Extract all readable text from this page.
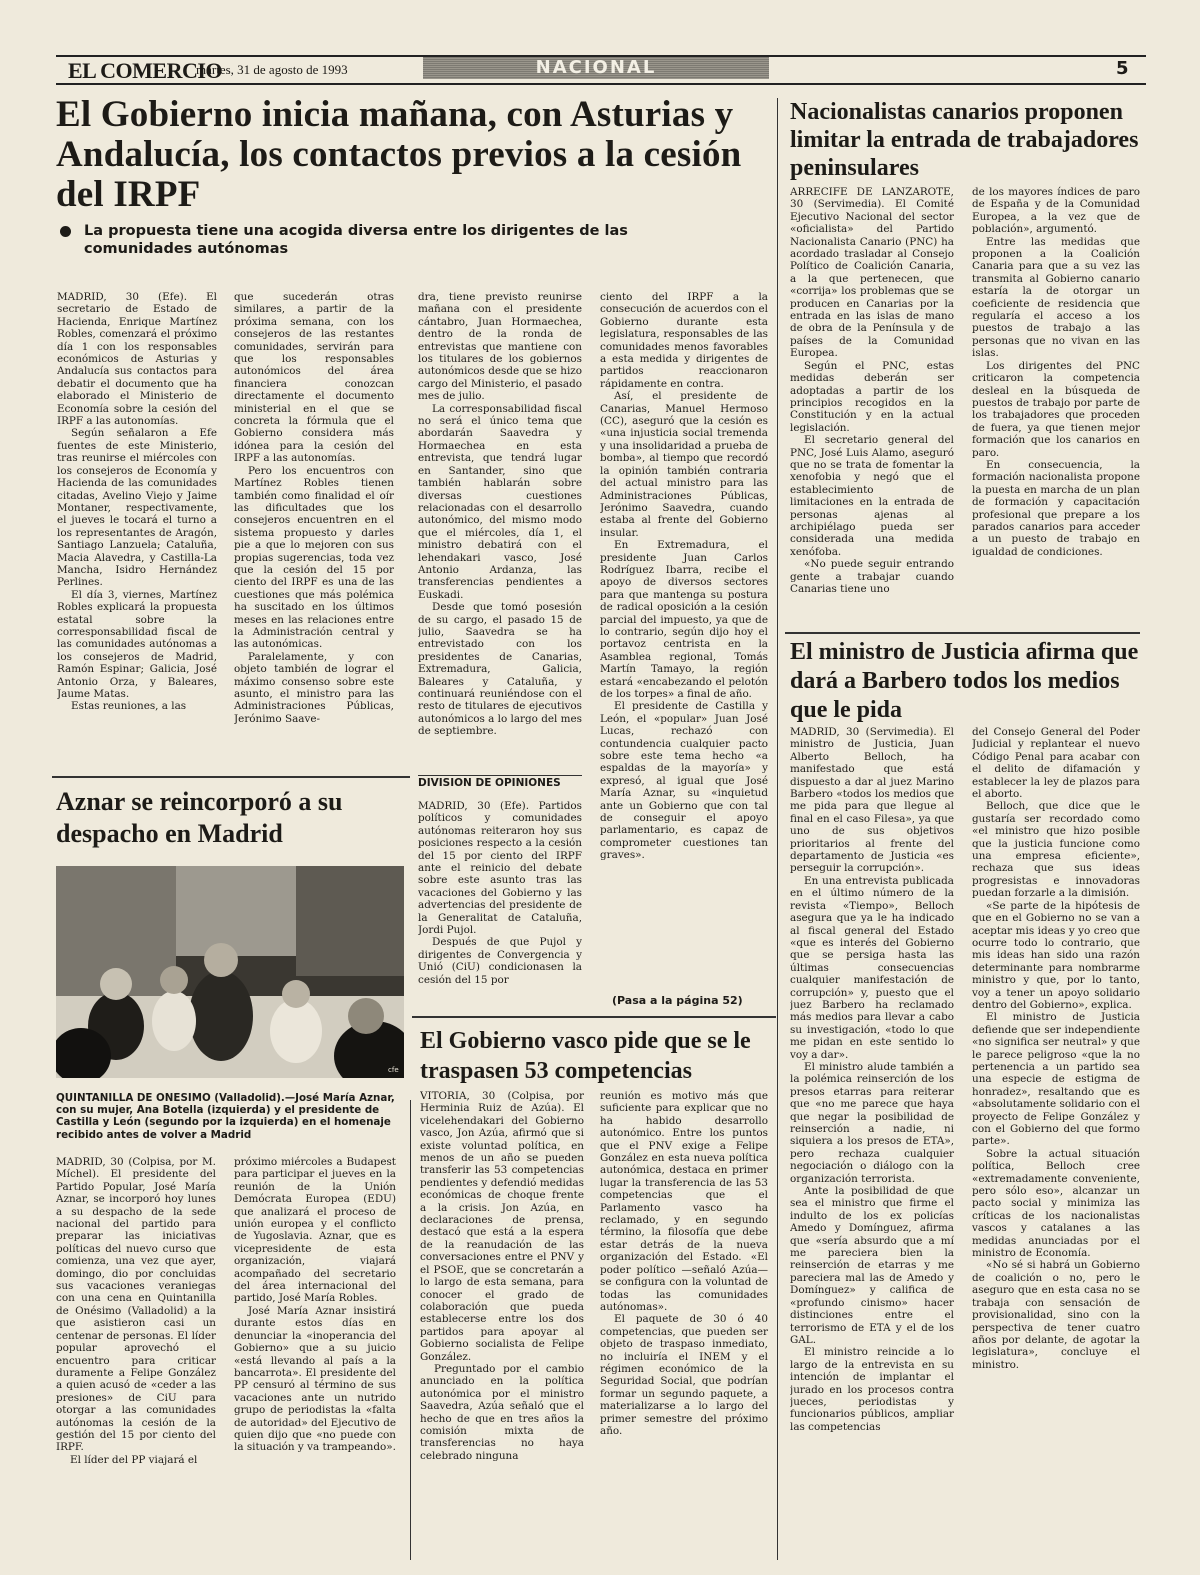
EL COMERCIO
martes, 31 de agosto de 1993	NACIONAL	5
El Gobierno inicia mañana, con Asturias y Andalucía, los contactos previos a la cesión del IRPF
La propuesta tiene una acogida diversa entre los dirigentes de las comunidades autónomas

MADRID, 30 (Efe). El secretario de Estado de Hacienda, Enrique Martínez Robles, comenzará el próximo día 1 con los responsables económicos de Asturias y Andalucía sus contactos para debatir el documento que ha elaborado el Ministerio de Economía sobre la cesión del IRPF a las autonomías.

Según señalaron a Efe fuentes de este Ministerio, tras reunirse el miércoles con los consejeros de Economía y Hacienda de las comunidades citadas, Avelino Viejo y Jaime Montaner, respectivamente, el jueves le tocará el turno a los representantes de Aragón, Santiago Lanzuela; Cataluña, Macia Alavedra, y Castilla-La Mancha, Isidro Hernández Perlines.

El día 3, viernes, Martínez Robles explicará la propuesta estatal sobre la corresponsabilidad fiscal de las comunidades autónomas a los consejeros de Madrid, Ramón Espinar; Galicia, José Antonio Orza, y Baleares, Jaume Matas.

Estas reuniones, a las

que sucederán otras similares, a partir de la próxima semana, con los consejeros de las restantes comunidades, servirán para que los responsables autonómicos del área financiera conozcan directamente el documento ministerial en el que se concreta la fórmula que el Gobierno considera más idónea para la cesión del IRPF a las autonomías.

Pero los encuentros con Martínez Robles tienen también como finalidad el oír las dificultades que los consejeros encuentren en el sistema propuesto y darles pie a que lo mejoren con sus propias sugerencias, toda vez que la cesión del 15 por ciento del IRPF es una de las cuestiones que más polémica ha suscitado en los últimos meses en las relaciones entre la Administración central y las autonómicas.

Paralelamente, y con objeto también de lograr el máximo consenso sobre este asunto, el ministro para las Administraciones Públicas, Jerónimo Saave-

dra, tiene previsto reunirse mañana con el presidente cántabro, Juan Hormaechea, dentro de la ronda de entrevistas que mantiene con los titulares de los gobiernos autonómicos desde que se hizo cargo del Ministerio, el pasado mes de julio.

La corresponsabilidad fiscal no será el único tema que abordarán Saavedra y Hormaechea en esta entrevista, que tendrá lugar en Santander, sino que también hablarán sobre diversas cuestiones relacionadas con el desarrollo autonómico, del mismo modo que el miércoles, día 1, el ministro debatirá con el lehendakari vasco, José Antonio Ardanza, las transferencias pendientes a Euskadi.

Desde que tomó posesión de su cargo, el pasado 15 de julio, Saavedra se ha entrevistado con los presidentes de Canarias, Extremadura, Galicia, Baleares y Cataluña, y continuará reuniéndose con el resto de titulares de ejecutivos autonómicos a lo largo del mes de septiembre.

DIVISION DE OPINIONES

MADRID, 30 (Efe). Partidos políticos y comunidades autónomas reiteraron hoy sus posiciones respecto a la cesión del 15 por ciento del IRPF ante el reinicio del debate sobre este asunto tras las vacaciones del Gobierno y las advertencias del presidente de la Generalitat de Cataluña, Jordi Pujol.

Después de que Pujol y dirigentes de Convergencia y Unió (CiU) condicionasen la cesión del 15 por

ciento del IRPF a la consecución de acuerdos con el Gobierno durante esta legislatura, responsables de las comunidades menos favorables a esta medida y dirigentes de partidos reaccionaron rápidamente en contra.

Así, el presidente de Canarias, Manuel Hermoso (CC), aseguró que la cesión es «una injusticia social tremenda y una insolidaridad a prueba de bomba», al tiempo que recordó la opinión también contraria del actual ministro para las Administraciones Públicas, Jerónimo Saavedra, cuando estaba al frente del Gobierno insular.

En Extremadura, el presidente Juan Carlos Rodríguez Ibarra, recibe el apoyo de diversos sectores para que mantenga su postura de radical oposición a la cesión parcial del impuesto, ya que de lo contrario, según dijo hoy el portavoz centrista en la Asamblea regional, Tomás Martín Tamayo, la región estará «encabezando el pelotón de los torpes» a final de año.

El presidente de Castilla y León, el «popular» Juan José Lucas, rechazó con contundencia cualquier pacto sobre este tema hecho «a espaldas de la mayoría» y expresó, al igual que José María Aznar, su «inquietud ante un Gobierno que con tal de conseguir el apoyo parlamentario, es capaz de comprometer cuestiones tan graves».

(Pasa a la página 52)
Nacionalistas canarios proponen limitar la entrada de trabajadores peninsulares

ARRECIFE DE LANZAROTE, 30 (Servimedia). El Comité Ejecutivo Nacional del sector «oficialista» del Partido Nacionalista Canario (PNC) ha acordado trasladar al Consejo Político de Coalición Canaria, a la que pertenecen, que «corrija» los problemas que se producen en Canarias por la entrada en las islas de mano de obra de la Península y de países de la Comunidad Europea.

Según el PNC, estas medidas deberán ser adoptadas a partir de los principios recogidos en la Constitución y en la actual legislación.

El secretario general del PNC, José Luis Alamo, aseguró que no se trata de fomentar la xenofobia y negó que el establecimiento de limitaciones en la entrada de personas ajenas al archipiélago pueda ser considerada una medida xenófoba.

«No puede seguir entrando gente a trabajar cuando Canarias tiene uno

de los mayores índices de paro de España y de la Comunidad Europea, a la vez que de población», argumentó.

Entre las medidas que proponen a la Coalición Canaria para que a su vez las transmita al Gobierno canario estaría la de otorgar un coeficiente de residencia que regularía el acceso a los puestos de trabajo a las personas que no vivan en las islas.

Los dirigentes del PNC criticaron la competencia desleal en la búsqueda de puestos de trabajo por parte de los trabajadores que proceden de fuera, ya que tienen mejor formación que los canarios en paro.

En consecuencia, la formación nacionalista propone la puesta en marcha de un plan de formación y capacitación profesional que prepare a los parados canarios para acceder a un puesto de trabajo en igualdad de condiciones.

El ministro de Justicia afirma que dará a Barbero todos los medios que le pida

MADRID, 30 (Servimedia). El ministro de Justicia, Juan Alberto Belloch, ha manifestado que está dispuesto a dar al juez Marino Barbero «todos los medios que me pida para que llegue al final en el caso Filesa», ya que uno de sus objetivos prioritarios al frente del departamento de Justicia «es perseguir la corrupción».

En una entrevista publicada en el último número de la revista «Tiempo», Belloch asegura que ya le ha indicado al fiscal general del Estado «que es interés del Gobierno que se persiga hasta las últimas consecuencias cualquier manifestación de corrupción» y, puesto que el juez Barbero ha reclamado más medios para llevar a cabo su investigación, «todo lo que me pidan en este sentido lo voy a dar».

El ministro alude también a la polémica reinserción de los presos etarras para reiterar que «no me parece que haya que negar la posibilidad de reinserción a nadie, ni siquiera a los presos de ETA», pero rechaza cualquier negociación o diálogo con la organización terrorista.

Ante la posibilidad de que sea el ministro que firme el indulto de los ex policías Amedo y Domínguez, afirma que «sería absurdo que a mí me pareciera bien la reinserción de etarras y me pareciera mal las de Amedo y Domínguez» y califica de «profundo cinismo» hacer distinciones entre el terrorismo de ETA y el de los GAL.

El ministro reincide a lo largo de la entrevista en su intención de implantar el jurado en los procesos contra jueces, periodistas y funcionarios públicos, ampliar las competencias

del Consejo General del Poder Judicial y replantear el nuevo Código Penal para acabar con el delito de difamación y establecer la ley de plazos para el aborto.

Belloch, que dice que le gustaría ser recordado como «el ministro que hizo posible que la justicia funcione como una empresa eficiente», rechaza que sus ideas progresistas e innovadoras puedan forzarle a la dimisión.

«Se parte de la hipótesis de que en el Gobierno no se van a aceptar mis ideas y yo creo que ocurre todo lo contrario, que mis ideas han sido una razón determinante para nombrarme ministro y que, por lo tanto, voy a tener un apoyo solidario dentro del Gobierno», explica.

El ministro de Justicia defiende que ser independiente «no significa ser neutral» y que le parece peligroso «que la no pertenencia a un partido sea una especie de estigma de honradez», resaltando que es «absolutamente solidario con el proyecto de Felipe González y con el Gobierno del que formo parte».

Sobre la actual situación política, Belloch cree «extremadamente conveniente, pero sólo eso», alcanzar un pacto social y minimiza las críticas de los nacionalistas vascos y catalanes a las medidas anunciadas por el ministro de Economía.

«No sé si habrá un Gobierno de coalición o no, pero le aseguro que en esta casa no se trabaja con sensación de provisionalidad, sino con la perspectiva de tener cuatro años por delante, de agotar la legislatura», concluye el ministro.

Aznar se reincorporó a su despacho en Madrid
cfe
QUINTANILLA DE ONESIMO (Valladolid).—José María Aznar, con su mujer, Ana Botella (izquierda) y el presidente de Castilla y León (segundo por la izquierda) en el homenaje recibido antes de volver a Madrid

MADRID, 30 (Colpisa, por M. Míchel). El presidente del Partido Popular, José María Aznar, se incorporó hoy lunes a su despacho de la sede nacional del partido para preparar las iniciativas políticas del nuevo curso que comienza, una vez que ayer, domingo, dio por concluidas sus vacaciones veraniegas con una cena en Quintanilla de Onésimo (Valladolid) a la que asistieron casi un centenar de personas. El líder popular aprovechó el encuentro para criticar duramente a Felipe González a quien acusó de «ceder a las presiones» de CiU para otorgar a las comunidades autónomas la cesión de la gestión del 15 por ciento del IRPF.

El líder del PP viajará el

próximo miércoles a Budapest para participar el jueves en la reunión de la Unión Demócrata Europea (EDU) que analizará el proceso de unión europea y el conflicto de Yugoslavia. Aznar, que es vicepresidente de esta organización, viajará acompañado del secretario del área internacional del partido, José María Robles.

José María Aznar insistirá durante estos días en denunciar la «inoperancia del Gobierno» que a su juicio «está llevando al país a la bancarrota». El presidente del PP censuró al término de sus vacaciones ante un nutrido grupo de periodistas la «falta de autoridad» del Ejecutivo de quien dijo que «no puede con la situación y va trampeando».

El Gobierno vasco pide que se le traspasen 53 competencias

VITORIA, 30 (Colpisa, por Herminia Ruiz de Azúa). El vicelehendakari del Gobierno vasco, Jon Azúa, afirmó que si existe voluntad política, en menos de un año se pueden transferir las 53 competencias pendientes y defendió medidas económicas de choque frente a la crisis. Jon Azúa, en declaraciones de prensa, destacó que está a la espera de la reanudación de las conversaciones entre el PNV y el PSOE, que se concretarán a lo largo de esta semana, para conocer el grado de colaboración que pueda establecerse entre los dos partidos para apoyar al Gobierno socialista de Felipe González.

Preguntado por el cambio anunciado en la política autonómica por el ministro Saavedra, Azúa señaló que el hecho de que en tres años la comisión mixta de transferencias no haya celebrado ninguna

reunión es motivo más que suficiente para explicar que no ha habido desarrollo autonómico. Entre los puntos que el PNV exige a Felipe González en esta nueva política autonómica, destaca en primer lugar la transferencia de las 53 competencias que el Parlamento vasco ha reclamado, y en segundo término, la filosofía que debe estar detrás de la nueva organización del Estado. «El poder político —señaló Azúa— se configura con la voluntad de todas las comunidades autónomas».

El paquete de 30 ó 40 competencias, que pueden ser objeto de traspaso inmediato, no incluiría el INEM y el régimen económico de la Seguridad Social, que podrían formar un segundo paquete, a materializarse a lo largo del primer semestre del próximo año.
